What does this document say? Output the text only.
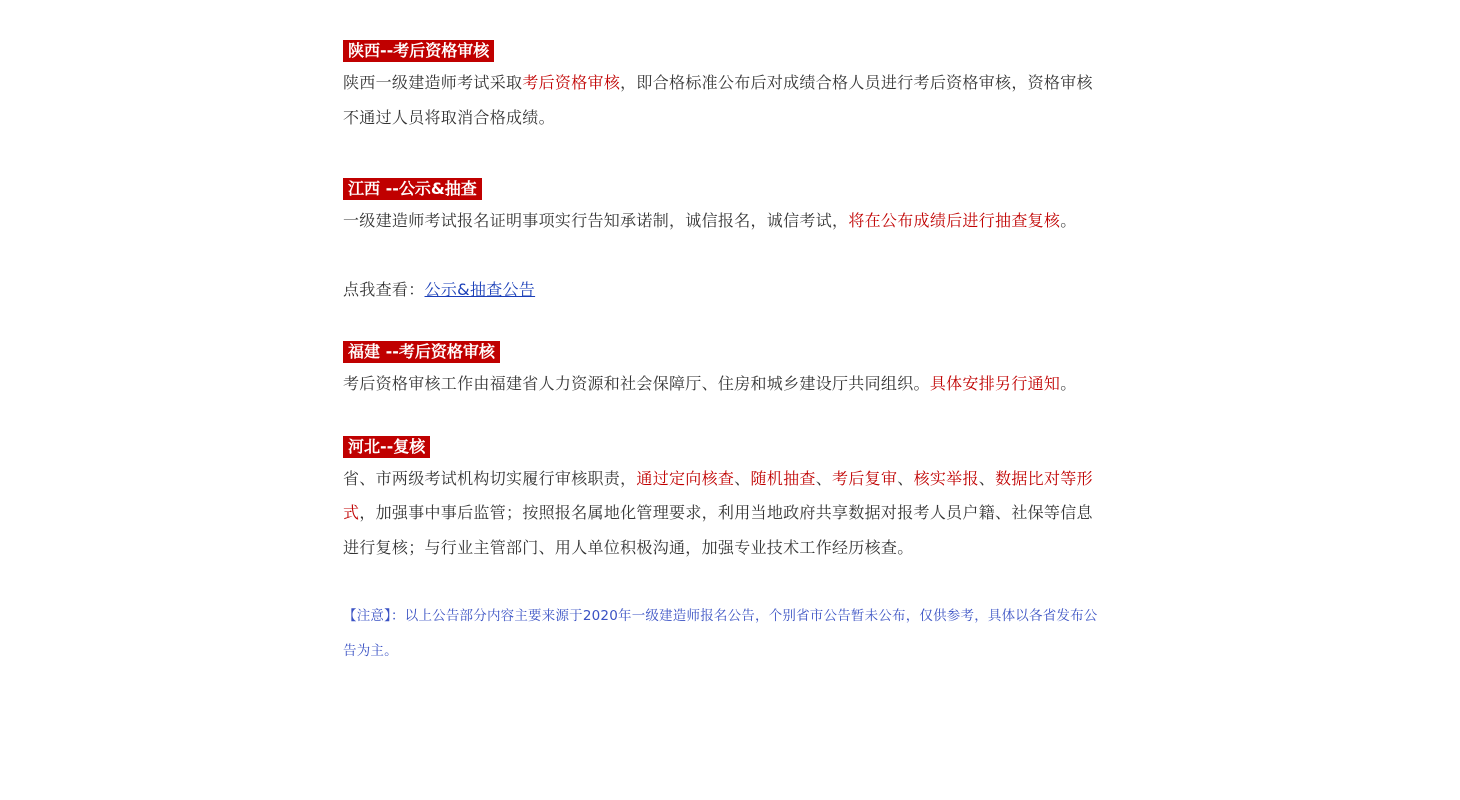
陕西--考后资格审核

陕西一级建造师考试采取考后资格审核，即合格标准公布后对成绩合格人员进行考后资格审核，资格审核不通过人员将取消合格成绩。

江西 --公示&抽查

一级建造师考试报名证明事项实行告知承诺制，诚信报名，诚信考试，将在公布成绩后进行抽查复核。

点我查看：公示&抽查公告

福建 --考后资格审核

考后资格审核工作由福建省人力资源和社会保障厅、住房和城乡建设厅共同组织。具体安排另行通知。

河北--复核

省、市两级考试机构切实履行审核职责，通过定向核查、随机抽查、考后复审、核实举报、数据比对等形式，加强事中事后监管；按照报名属地化管理要求，利用当地政府共享数据对报考人员户籍、社保等信息进行复核；与行业主管部门、用人单位积极沟通，加强专业技术工作经历核查。

【注意】：以上公告部分内容主要来源于2020年一级建造师报名公告，个别省市公告暂未公布，仅供参考，具体以各省发布公告为主。
